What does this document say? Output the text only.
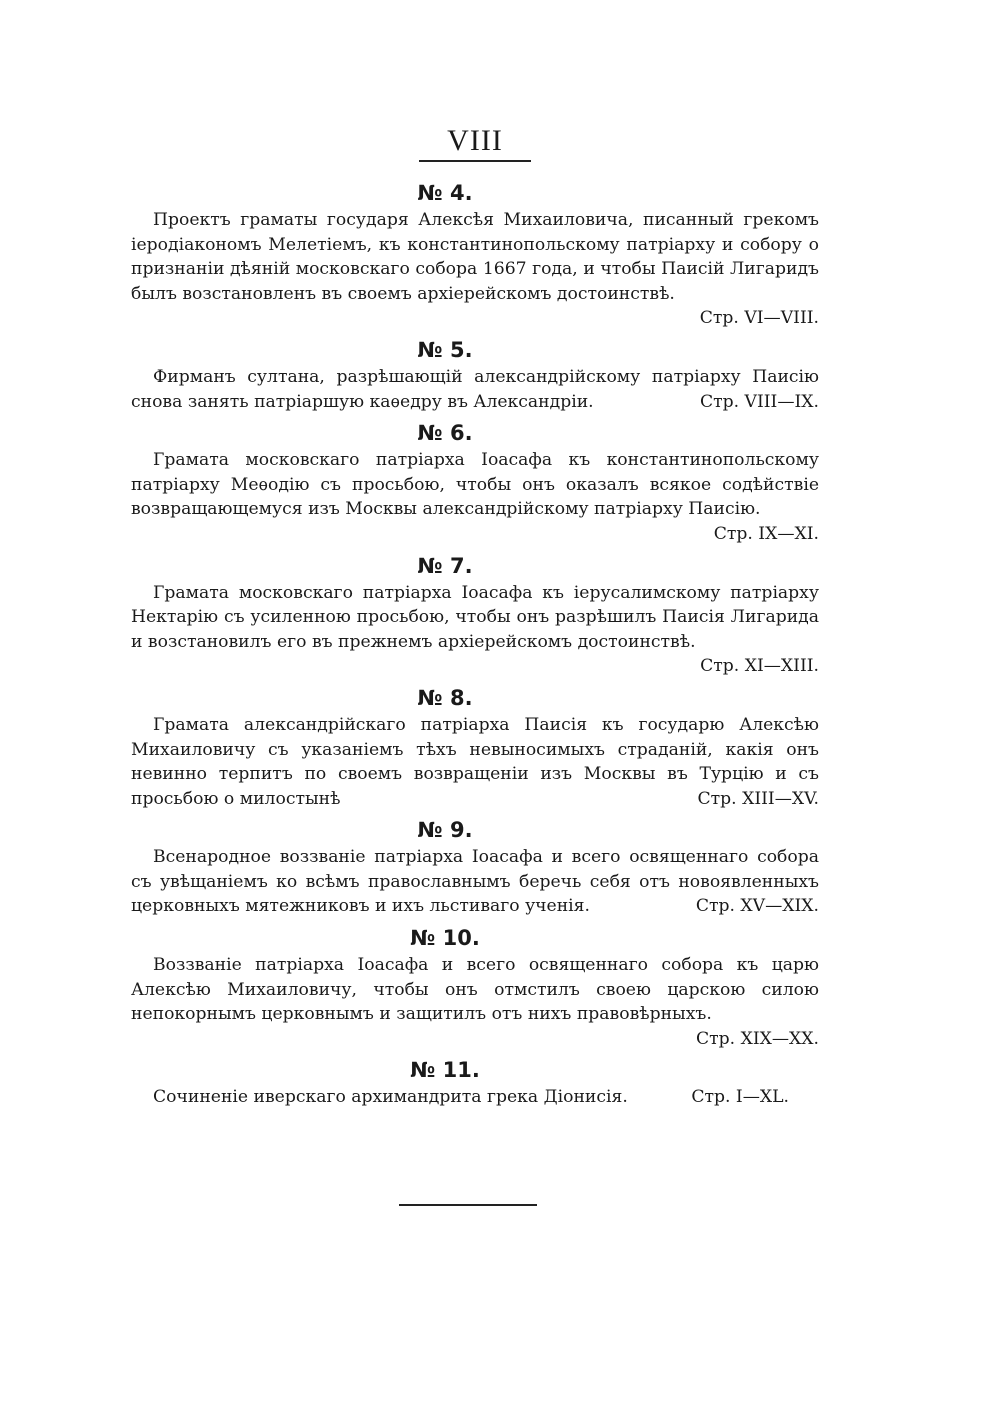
VIII
№ 4.
Проектъ граматы государя Алексѣя Михаиловича, писанный грекомъ іеродіакономъ Мелетіемъ, къ константинопольскому патріарху и собору о признаніи дѣяній московскаго собора 1667 года, и чтобы Паисій Лигаридъ былъ возстановленъ въ своемъ архіерейскомъ достоинствѣ.
Стр. VI—VIII.
№ 5.
Фирманъ султана, разрѣшающій александрійскому патріарху Паисію снова занять патріаршую каѳедру въ Александріи.	Стр. VIII—IX.
№ 6.
Грамата московскаго патріарха Іоасафа къ константинопольскому патріарху Меѳодію съ просьбою, чтобы онъ оказалъ всякое содѣйствіе возвращающемуся изъ Москвы александрійскому патріарху Паисію.
Стр. IX—XI.
№ 7.
Грамата московскаго патріарха Іоасафа къ іерусалимскому патріарху Нектарію съ усиленною просьбою, чтобы онъ разрѣшилъ Паисія Лигарида и возстановилъ его въ прежнемъ архіерейскомъ достоинствѣ.
Стр. XI—XIII.
№ 8.
Грамата александрійскаго патріарха Паисія къ государю Алексѣю Михаиловичу съ указаніемъ тѣхъ невыносимыхъ страданій, какія онъ невинно терпитъ по своемъ возвращеніи изъ Москвы въ Турцію и съ просьбою о милостынѣ	Стр. XIII—XV.
№ 9.
Всенародное воззваніе патріарха Іоасафа и всего освященнаго собора съ увѣщаніемъ ко всѣмъ православнымъ беречь себя отъ новоявленныхъ церковныхъ мятежниковъ и ихъ льстиваго ученія.	Стр. XV—XIX.
№ 10.
Воззваніе патріарха Іоасафа и всего освященнаго собора къ царю Алексѣю Михаиловичу, чтобы онъ отмстилъ своею царскою силою непокорнымъ церковнымъ и защитилъ отъ нихъ правовѣрныхъ.
Стр. XIX—XX.
№ 11.
Сочиненіе иверскаго архимандрита грека Діонисія.	Стр. I—XL.
